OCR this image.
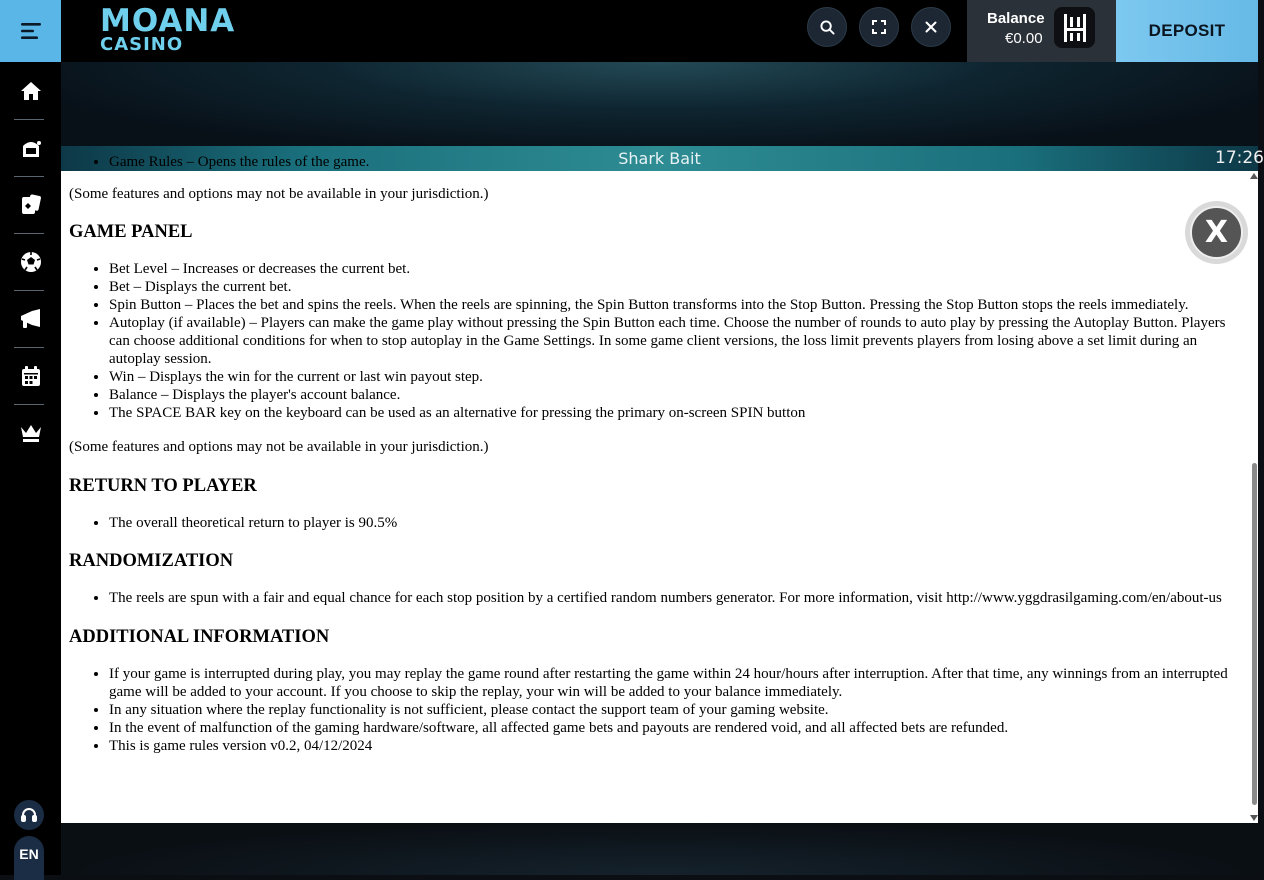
MOANA
CASINO
Balance
€0.00	DEPOSIT
EN
Shark Bait	17:26
• Game Rules – Opens the rules of the game.

(Some features and options may not be available in your jurisdiction.)

GAME PANEL
• Bet Level – Increases or decreases the current bet.
• Bet – Displays the current bet.
• Spin Button – Places the bet and spins the reels. When the reels are spinning, the Spin Button transforms into the Stop Button. Pressing the Stop Button stops the reels immediately.
• Autoplay (if available) – Players can make the game play without pressing the Spin Button each time. Choose the number of rounds to auto play by pressing the Autoplay Button. Players can choose additional conditions for when to stop autoplay in the Game Settings. In some game client versions, the loss limit prevents players from losing above a set limit during an autoplay session.
• Win – Displays the win for the current or last win payout step.
• Balance – Displays the player's account balance.
• The SPACE BAR key on the keyboard can be used as an alternative for pressing the primary on-screen SPIN button

(Some features and options may not be available in your jurisdiction.)

RETURN TO PLAYER
• The overall theoretical return to player is 90.5%
RANDOMIZATION
• The reels are spun with a fair and equal chance for each stop position by a certified random numbers generator. For more information, visit http://www.yggdrasilgaming.com/en/about-us
ADDITIONAL INFORMATION
• If your game is interrupted during play, you may replay the game round after restarting the game within 24 hour/hours after interruption. After that time, any winnings from an interrupted game will be added to your account. If you choose to skip the replay, your win will be added to your balance immediately.
• In any situation where the replay functionality is not sufficient, please contact the support team of your gaming website.
• In the event of malfunction of the gaming hardware/software, all affected game bets and payouts are rendered void, and all affected bets are refunded.
• This is game rules version v0.2, 04/12/2024
X
